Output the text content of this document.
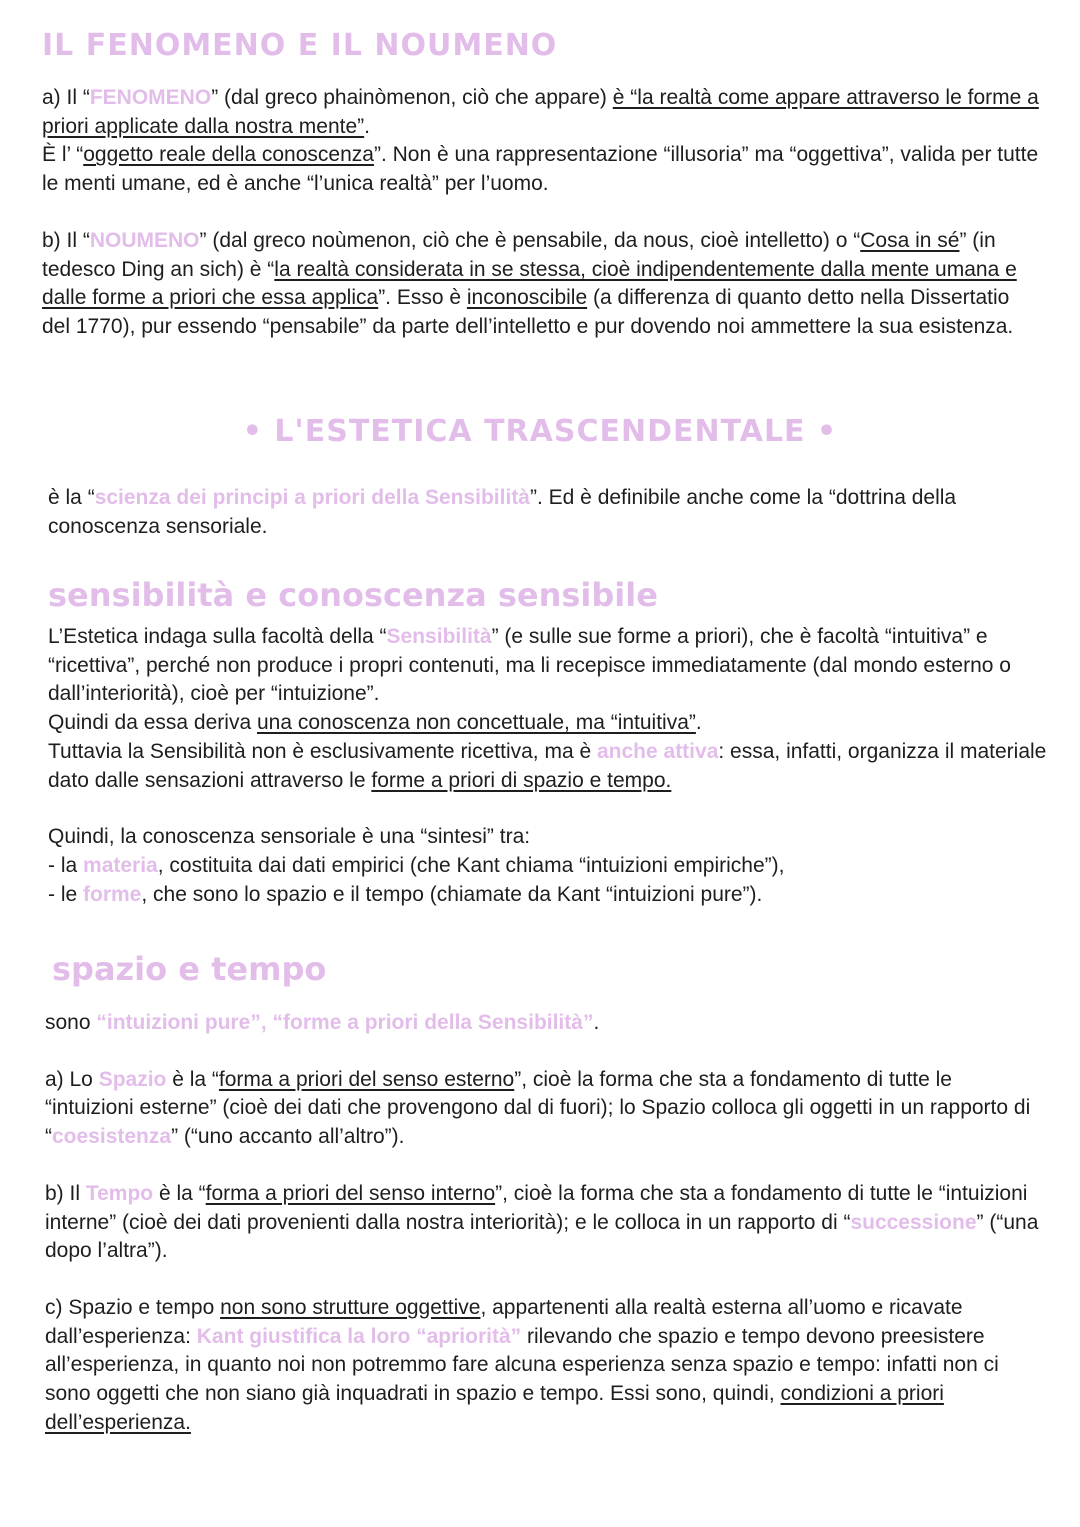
IL FENOMENO E IL NOUMENO

a) Il “FENOMENO” (dal greco phainòmenon, ciò che appare) è “la realtà come appare attraverso le forme a priori applicate dalla nostra mente”.
È l’ “oggetto reale della conoscenza”. Non è una rappresentazione “illusoria” ma “oggettiva”, valida per tutte le menti umane, ed è anche “l’unica realtà” per l’uomo.

b) Il “NOUMENO” (dal greco noùmenon, ciò che è pensabile, da nous, cioè intelletto) o “Cosa in sé” (in tedesco Ding an sich) è “la realtà considerata in se stessa, cioè indipendentemente dalla mente umana e dalle forme a priori che essa applica”. Esso è inconoscibile (a differenza di quanto detto nella Dissertatio del 1770), pur essendo “pensabile” da parte dell’intelletto e pur dovendo noi ammettere la sua esistenza.

• L'ESTETICA TRASCENDENTALE •

è la “scienza dei principi a priori della Sensibilità”. Ed è definibile anche come la “dottrina della conoscenza sensoriale.

sensibilità e conoscenza sensibile

L’Estetica indaga sulla facoltà della “Sensibilità” (e sulle sue forme a priori), che è facoltà “intuitiva” e “ricettiva”, perché non produce i propri contenuti, ma li recepisce immediatamente (dal mondo esterno o dall’interiorità), cioè per “intuizione”.
Quindi da essa deriva una conoscenza non concettuale, ma “intuitiva”.
Tuttavia la Sensibilità non è esclusivamente ricettiva, ma è anche attiva: essa, infatti, organizza il materiale dato dalle sensazioni attraverso le forme a priori di spazio e tempo.

Quindi, la conoscenza sensoriale è una “sintesi” tra:
- la materia, costituita dai dati empirici (che Kant chiama “intuizioni empiriche”),
- le forme, che sono lo spazio e il tempo (chiamate da Kant “intuizioni pure”).

spazio e tempo

sono “intuizioni pure”, “forme a priori della Sensibilità”.

a) Lo Spazio è la “forma a priori del senso esterno”, cioè la forma che sta a fondamento di tutte le “intuizioni esterne” (cioè dei dati che provengono dal di fuori); lo Spazio colloca gli oggetti in un rapporto di “coesistenza” (“uno accanto all’altro”).

b) Il Tempo è la “forma a priori del senso interno”, cioè la forma che sta a fondamento di tutte le “intuizioni interne” (cioè dei dati provenienti dalla nostra interiorità); e le colloca in un rapporto di “successione” (“una dopo l’altra”).

c) Spazio e tempo non sono strutture oggettive, appartenenti alla realtà esterna all’uomo e ricavate dall’esperienza: Kant giustifica la loro “apriorità” rilevando che spazio e tempo devono preesistere all’esperienza, in quanto noi non potremmo fare alcuna esperienza senza spazio e tempo: infatti non ci sono oggetti che non siano già inquadrati in spazio e tempo. Essi sono, quindi, condizioni a priori dell’esperienza.
